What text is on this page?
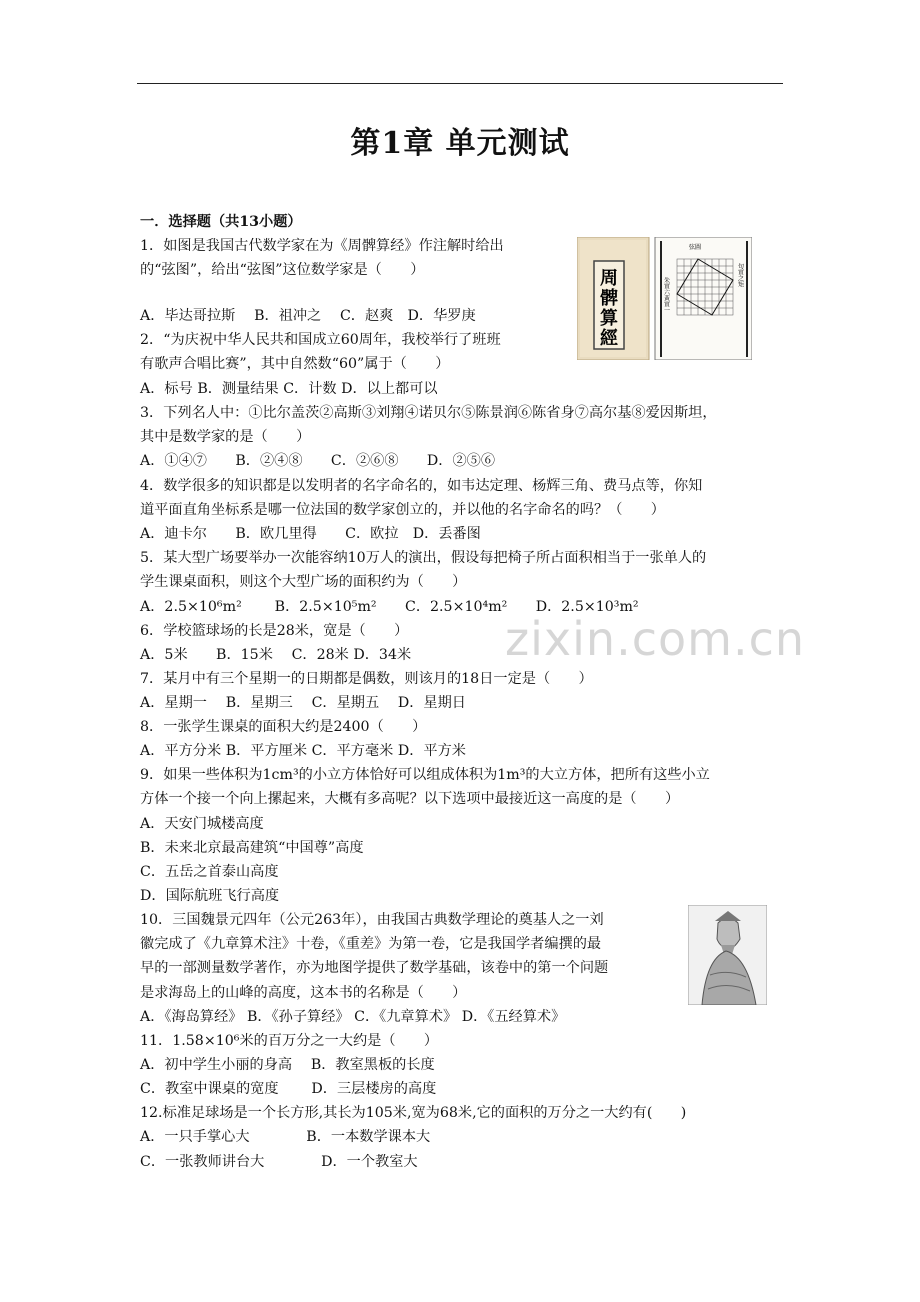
第1章 单元测试
一．选择题（共13小题）
1．如图是我国古代数学家在为《周髀算经》作注解时给出
的“弦图”，给出“弦图”这位数学家是（　　）
A．毕达哥拉斯　 B．祖冲之　 C．赵爽　D．华罗庚
2．“为庆祝中华人民共和国成立60周年，我校举行了班班
有歌声合唱比赛”，其中自然数“60”属于（　　）
A．标号 B．测量结果 C．计数 D．以上都可以
3．下列名人中：①比尔盖茨②高斯③刘翔④诺贝尔⑤陈景润⑥陈省身⑦高尔基⑧爱因斯坦，
其中是数学家的是（　　）
A．①④⑦　　B．②④⑧　　C．②⑥⑧　　D．②⑤⑥
4．数学很多的知识都是以发明者的名字命名的，如韦达定理、杨辉三角、费马点等，你知
道平面直角坐标系是哪一位法国的数学家创立的，并以他的名字命名的吗？（　　）
A．迪卡尔　　B．欧几里得　　C．欧拉　D．丢番图
5．某大型广场要举办一次能容纳10万人的演出，假设每把椅子所占面积相当于一张单人的
学生课桌面积，则这个大型广场的面积约为（　　）
A．2.5×10⁶m²　　 B．2.5×10⁵m²　　C．2.5×10⁴m²　　D．2.5×10³m²
6．学校篮球场的长是28米，宽是（　　）
A．5米　　B．15米　 C．28米 D．34米
7．某月中有三个星期一的日期都是偶数，则该月的18日一定是（　　）
A．星期一　 B．星期三　 C．星期五　 D．星期日
8．一张学生课桌的面积大约是2400（　　）
A．平方分米 B．平方厘米 C．平方毫米 D．平方米
9．如果一些体积为1cm³的小立方体恰好可以组成体积为1m³的大立方体，把所有这些小立
方体一个接一个向上摞起来，大概有多高呢？以下选项中最接近这一高度的是（　　）
A．天安门城楼高度
B．未来北京最高建筑“中国尊”高度
C．五岳之首泰山高度
D．国际航班飞行高度
10．三国魏景元四年（公元263年），由我国古典数学理论的奠基人之一刘
徽完成了《九章算术注》十卷，《重差》为第一卷，它是我国学者编撰的最
早的一部测量数学著作，亦为地图学提供了数学基础，该卷中的第一个问题
是求海岛上的山峰的高度，这本书的名称是（　　）
A．《海岛算经》 B．《孙子算经》 C．《九章算术》 D．《五经算术》
11．1.58×10⁶米的百万分之一大约是（　　）
A．初中学生小丽的身高　 B．教室黑板的长度
C．教室中课桌的宽度　　 D．三层楼房的高度
12.标准足球场是一个长方形,其长为105米,宽为68米,它的面积的万分之一大约有(　　)
A．一只手掌心大　　　　B．一本数学课本大
C．一张教师讲台大　　　　D．一个教室大
zixin.com.cn
周
髀
算
經
弦圖
朱實六黃實一
句實之矩
